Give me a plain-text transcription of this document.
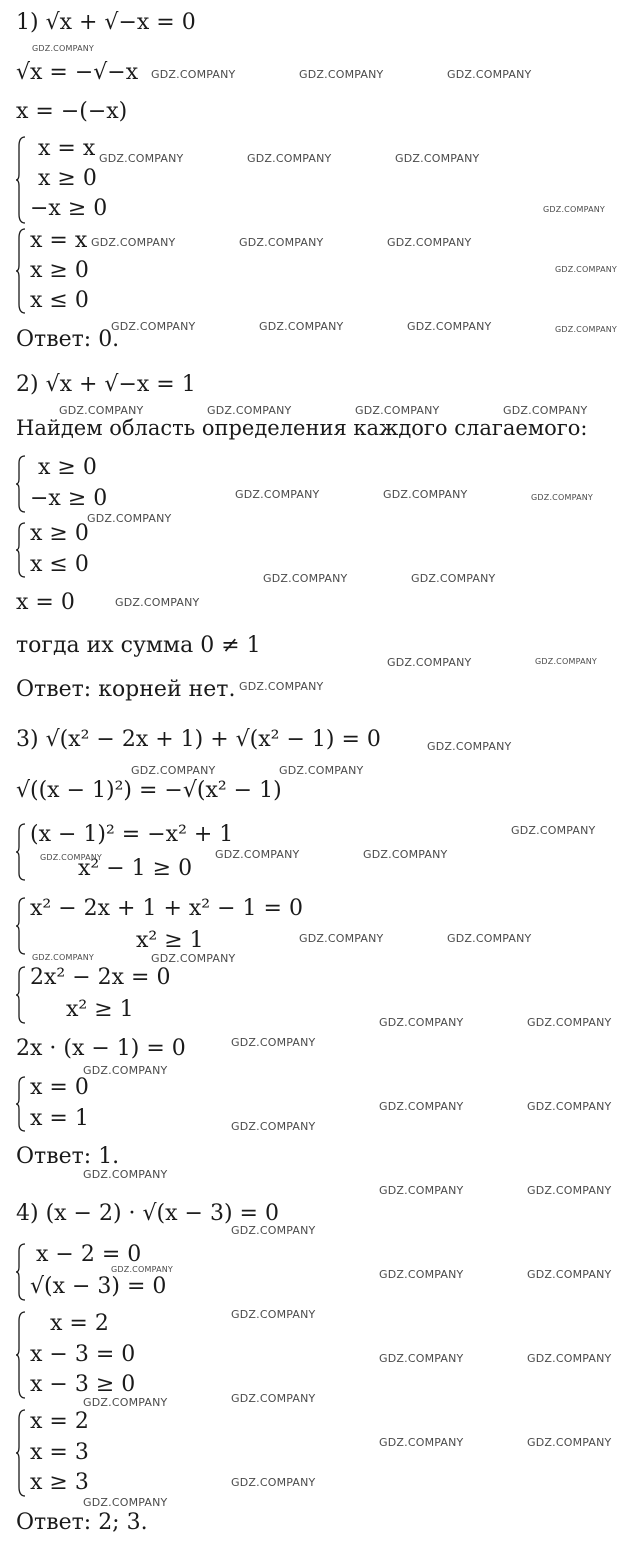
1) √x + √−x = 0
√x = −√−x
x = −(−x)
x = x
x ≥ 0
−x ≥ 0
x = x
x ≥ 0
x ≤ 0
Ответ: 0.
2) √x + √−x = 1
Найдем область определения каждого слагаемого:
x ≥ 0
−x ≥ 0
x ≥ 0
x ≤ 0
x = 0
тогда их сумма 0 ≠ 1
Ответ: корней нет.
3) √(x² − 2x + 1) + √(x² − 1) = 0
√((x − 1)²) = −√(x² − 1)
(x − 1)² = −x² + 1
x² − 1 ≥ 0
x² − 2x + 1 + x² − 1 = 0
x² ≥ 1
2x² − 2x = 0
x² ≥ 1
2x · (x − 1) = 0
x = 0
x = 1
Ответ: 1.
4) (x − 2) · √(x − 3) = 0
x − 2 = 0
√(x − 3) = 0
x = 2
x − 3 = 0
x − 3 ≥ 0
x = 2
x = 3
x ≥ 3
Ответ: 2; 3.
GDZ.COMPANY
GDZ.COMPANY	GDZ.COMPANY	GDZ.COMPANY
GDZ.COMPANY	GDZ.COMPANY	GDZ.COMPANY
GDZ.COMPANY
GDZ.COMPANY	GDZ.COMPANY	GDZ.COMPANY
GDZ.COMPANY
GDZ.COMPANY	GDZ.COMPANY	GDZ.COMPANY	GDZ.COMPANY
GDZ.COMPANY	GDZ.COMPANY	GDZ.COMPANY	GDZ.COMPANY
GDZ.COMPANY	GDZ.COMPANY	GDZ.COMPANY
GDZ.COMPANY
GDZ.COMPANY	GDZ.COMPANY
GDZ.COMPANY
GDZ.COMPANY	GDZ.COMPANY
GDZ.COMPANY
GDZ.COMPANY
GDZ.COMPANY	GDZ.COMPANY
GDZ.COMPANY
GDZ.COMPANY	GDZ.COMPANY	GDZ.COMPANY
GDZ.COMPANY	GDZ.COMPANY
GDZ.COMPANY	GDZ.COMPANY
GDZ.COMPANY	GDZ.COMPANY
GDZ.COMPANY
GDZ.COMPANY
GDZ.COMPANY	GDZ.COMPANY
GDZ.COMPANY
GDZ.COMPANY
GDZ.COMPANY	GDZ.COMPANY
GDZ.COMPANY
GDZ.COMPANY	GDZ.COMPANY	GDZ.COMPANY
GDZ.COMPANY
GDZ.COMPANY	GDZ.COMPANY
GDZ.COMPANY	GDZ.COMPANY
GDZ.COMPANY	GDZ.COMPANY
GDZ.COMPANY
GDZ.COMPANY
